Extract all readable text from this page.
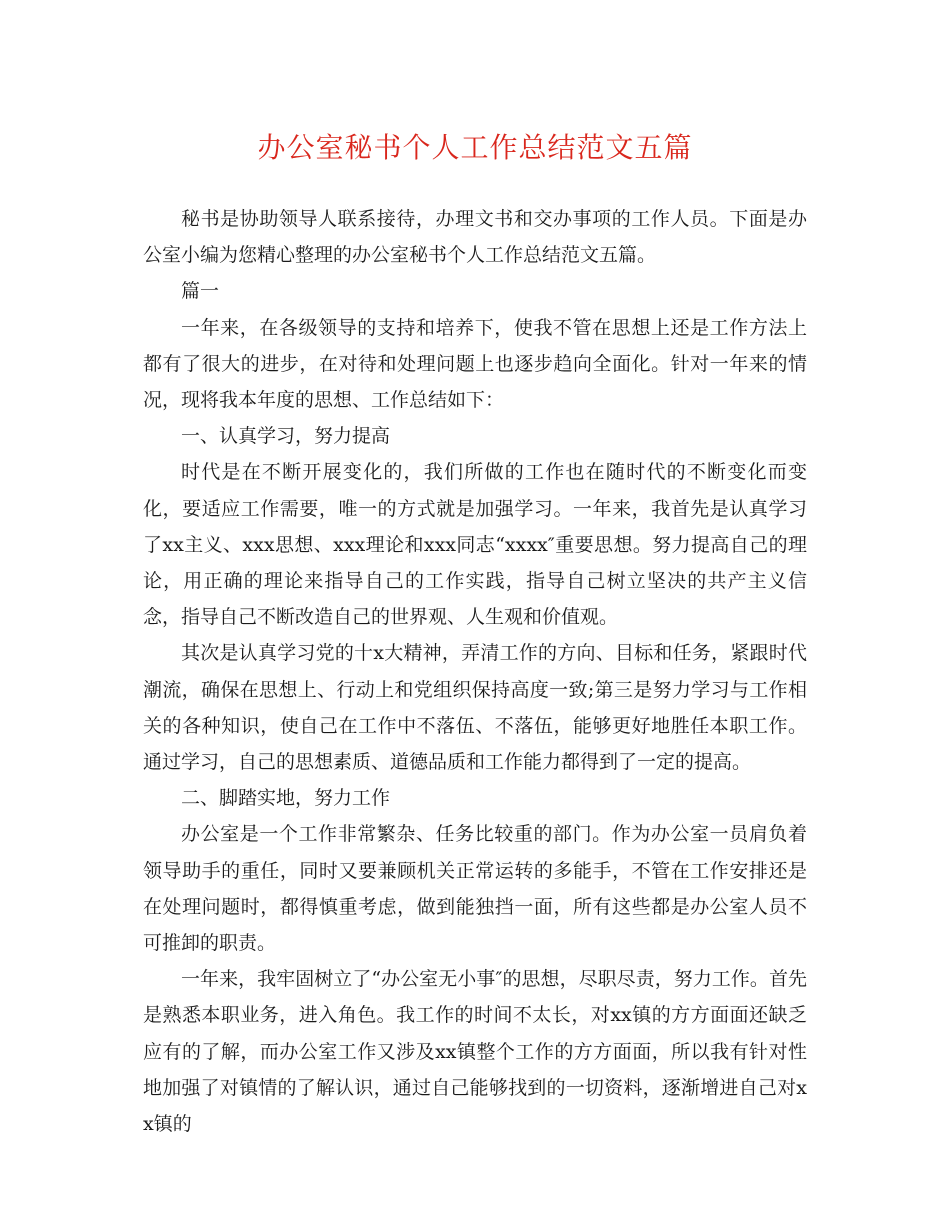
办公室秘书个人工作总结范文五篇

秘书是协助领导人联系接待，办理文书和交办事项的工作人员。下面是办公室小编为您精心整理的办公室秘书个人工作总结范文五篇。

篇一

一年来，在各级领导的支持和培养下，使我不管在思想上还是工作方法上都有了很大的进步，在对待和处理问题上也逐步趋向全面化。针对一年来的情况，现将我本年度的思想、工作总结如下：

一、认真学习，努力提高

时代是在不断开展变化的，我们所做的工作也在随时代的不断变化而变化，要适应工作需要，唯一的方式就是加强学习。一年来，我首先是认真学习了xx主义、xxx思想、xxx理论和xxx同志“xxxx″重要思想。努力提高自己的理论，用正确的理论来指导自己的工作实践，指导自己树立坚决的共产主义信念，指导自己不断改造自己的世界观、人生观和价值观。

其次是认真学习党的十x大精神，弄清工作的方向、目标和任务，紧跟时代潮流，确保在思想上、行动上和党组织保持高度一致;第三是努力学习与工作相关的各种知识，使自己在工作中不落伍、不落伍，能够更好地胜任本职工作。通过学习，自己的思想素质、道德品质和工作能力都得到了一定的提高。

二、脚踏实地，努力工作

办公室是一个工作非常繁杂、任务比较重的部门。作为办公室一员肩负着领导助手的重任，同时又要兼顾机关正常运转的多能手，不管在工作安排还是在处理问题时，都得慎重考虑，做到能独挡一面，所有这些都是办公室人员不可推卸的职责。

一年来，我牢固树立了“办公室无小事″的思想，尽职尽责，努力工作。首先是熟悉本职业务，进入角色。我工作的时间不太长，对xx镇的方方面面还缺乏应有的了解，而办公室工作又涉及xx镇整个工作的方方面面，所以我有针对性地加强了对镇情的了解认识，通过自己能够找到的一切资料，逐渐增进自己对xx镇的
